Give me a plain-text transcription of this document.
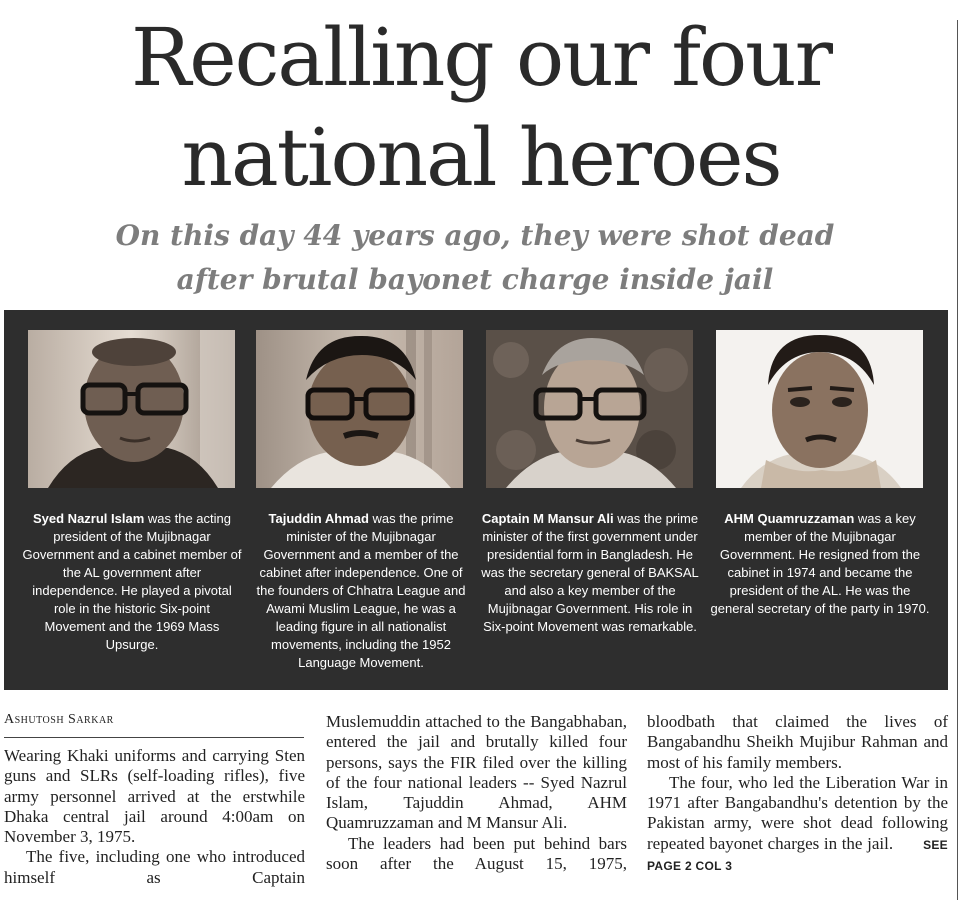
Recalling our four
national heroes
On this day 44 years ago, they were shot dead
after brutal bayonet charge inside jail
Syed Nazrul Islam was the acting president of the Mujibnagar Government and a cabinet member of the AL government after independence. He played a pivotal role in the historic Six-point Movement and the 1969 Mass Upsurge.
Tajuddin Ahmad was the prime minister of the Mujibnagar Government and a member of the cabinet after independence. One of the founders of Chhatra League and Awami Muslim League, he was a leading figure in all nationalist movements, including the 1952 Language Movement.
Captain M Mansur Ali was the prime minister of the first government under presidential form in Bangladesh. He was the secretary general of BAKSAL and also a key member of the Mujibnagar Government. His role in Six-point Movement was remarkable.
AHM Quamruzzaman was a key member of the Mujibnagar Government. He resigned from the cabinet in 1974 and became the president of the AL. He was the general secretary of the party in 1970.
Ashutosh Sarkar

Wearing Khaki uniforms and carrying Sten guns and SLRs (self-loading rifles), five army personnel arrived at the erstwhile Dhaka central jail around 4:00am on November 3, 1975.

The five, including one who introduced himself as Captain

Muslemuddin attached to the Bangabhaban, entered the jail and brutally killed four persons, says the FIR filed over the killing of the four national leaders -- Syed Nazrul Islam, Tajuddin Ahmad, AHM Quamruzzaman and M Mansur Ali.

The leaders had been put behind bars soon after the August 15, 1975,

bloodbath that claimed the lives of Bangabandhu Sheikh Mujibur Rahman and most of his family members.

The four, who led the Liberation War in 1971 after Bangabandhu's detention by the Pakistan army, were shot dead following repeated bayonet charges in the jail.	SEE PAGE 2 COL 3
